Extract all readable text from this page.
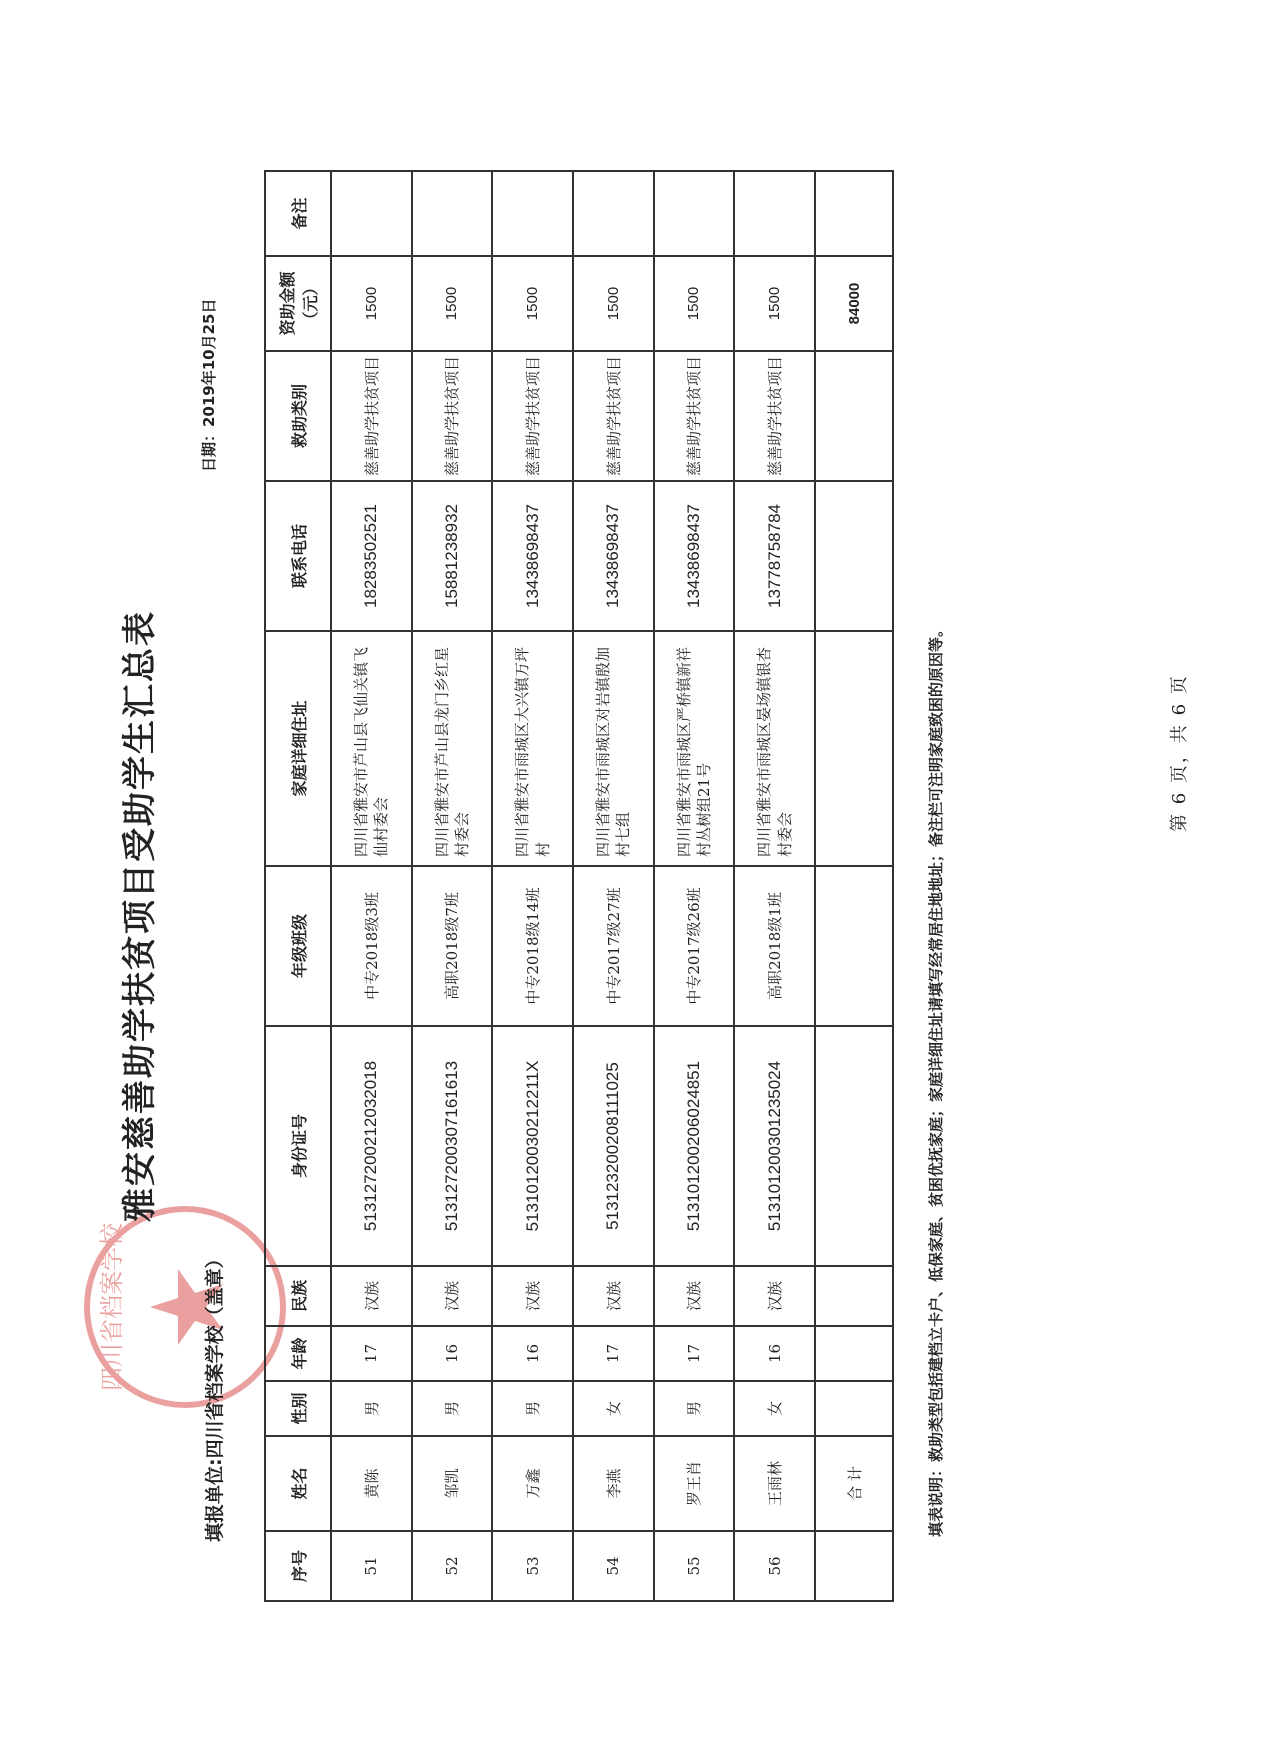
四川省档案学校
雅安慈善助学扶贫项目受助学生汇总表
填报单位:四川省档案学校（盖章）
日期：2019年10月25日
序号	姓名	性别	年龄	民族	身份证号	年级班级	家庭详细住址	联系电话	救助类别	资助金额（元）	备注
51	黄陈	男	17	汉族	513127200212032018	中专2018级3班	四川省雅安市芦山县飞仙关镇飞仙村委会	18283502521	慈善助学扶贫项目	1500	
52	邹凯	男	16	汉族	513127200307161613	高职2018级7班	四川省雅安市芦山县龙门乡红星村委会	15881238932	慈善助学扶贫项目	1500	
53	万鑫	男	16	汉族	51310120030212211X	中专2018级14班	四川省雅安市雨城区大兴镇万坪村	13438698437	慈善助学扶贫项目	1500	
54	李燕	女	17	汉族	513123200208111025	中专2017级27班	四川省雅安市雨城区对岩镇殷加村七组	13438698437	慈善助学扶贫项目	1500	
55	罗王肖	男	17	汉族	513101200206024851	中专2017级26班	四川省雅安市雨城区严桥镇新祥村丛树组21号	13438698437	慈善助学扶贫项目	1500	
56	王雨林	女	16	汉族	513101200301235024	高职2018级1班	四川省雅安市雨城区晏场镇银杏村委会	13778758784	慈善助学扶贫项目	1500	
	合 计									84000	
填表说明：救助类型包括建档立卡户、低保家庭、贫困优抚家庭；家庭详细住址请填写经常居住地地址；备注栏可注明家庭致困的原因等。	第 6 页，共 6 页
